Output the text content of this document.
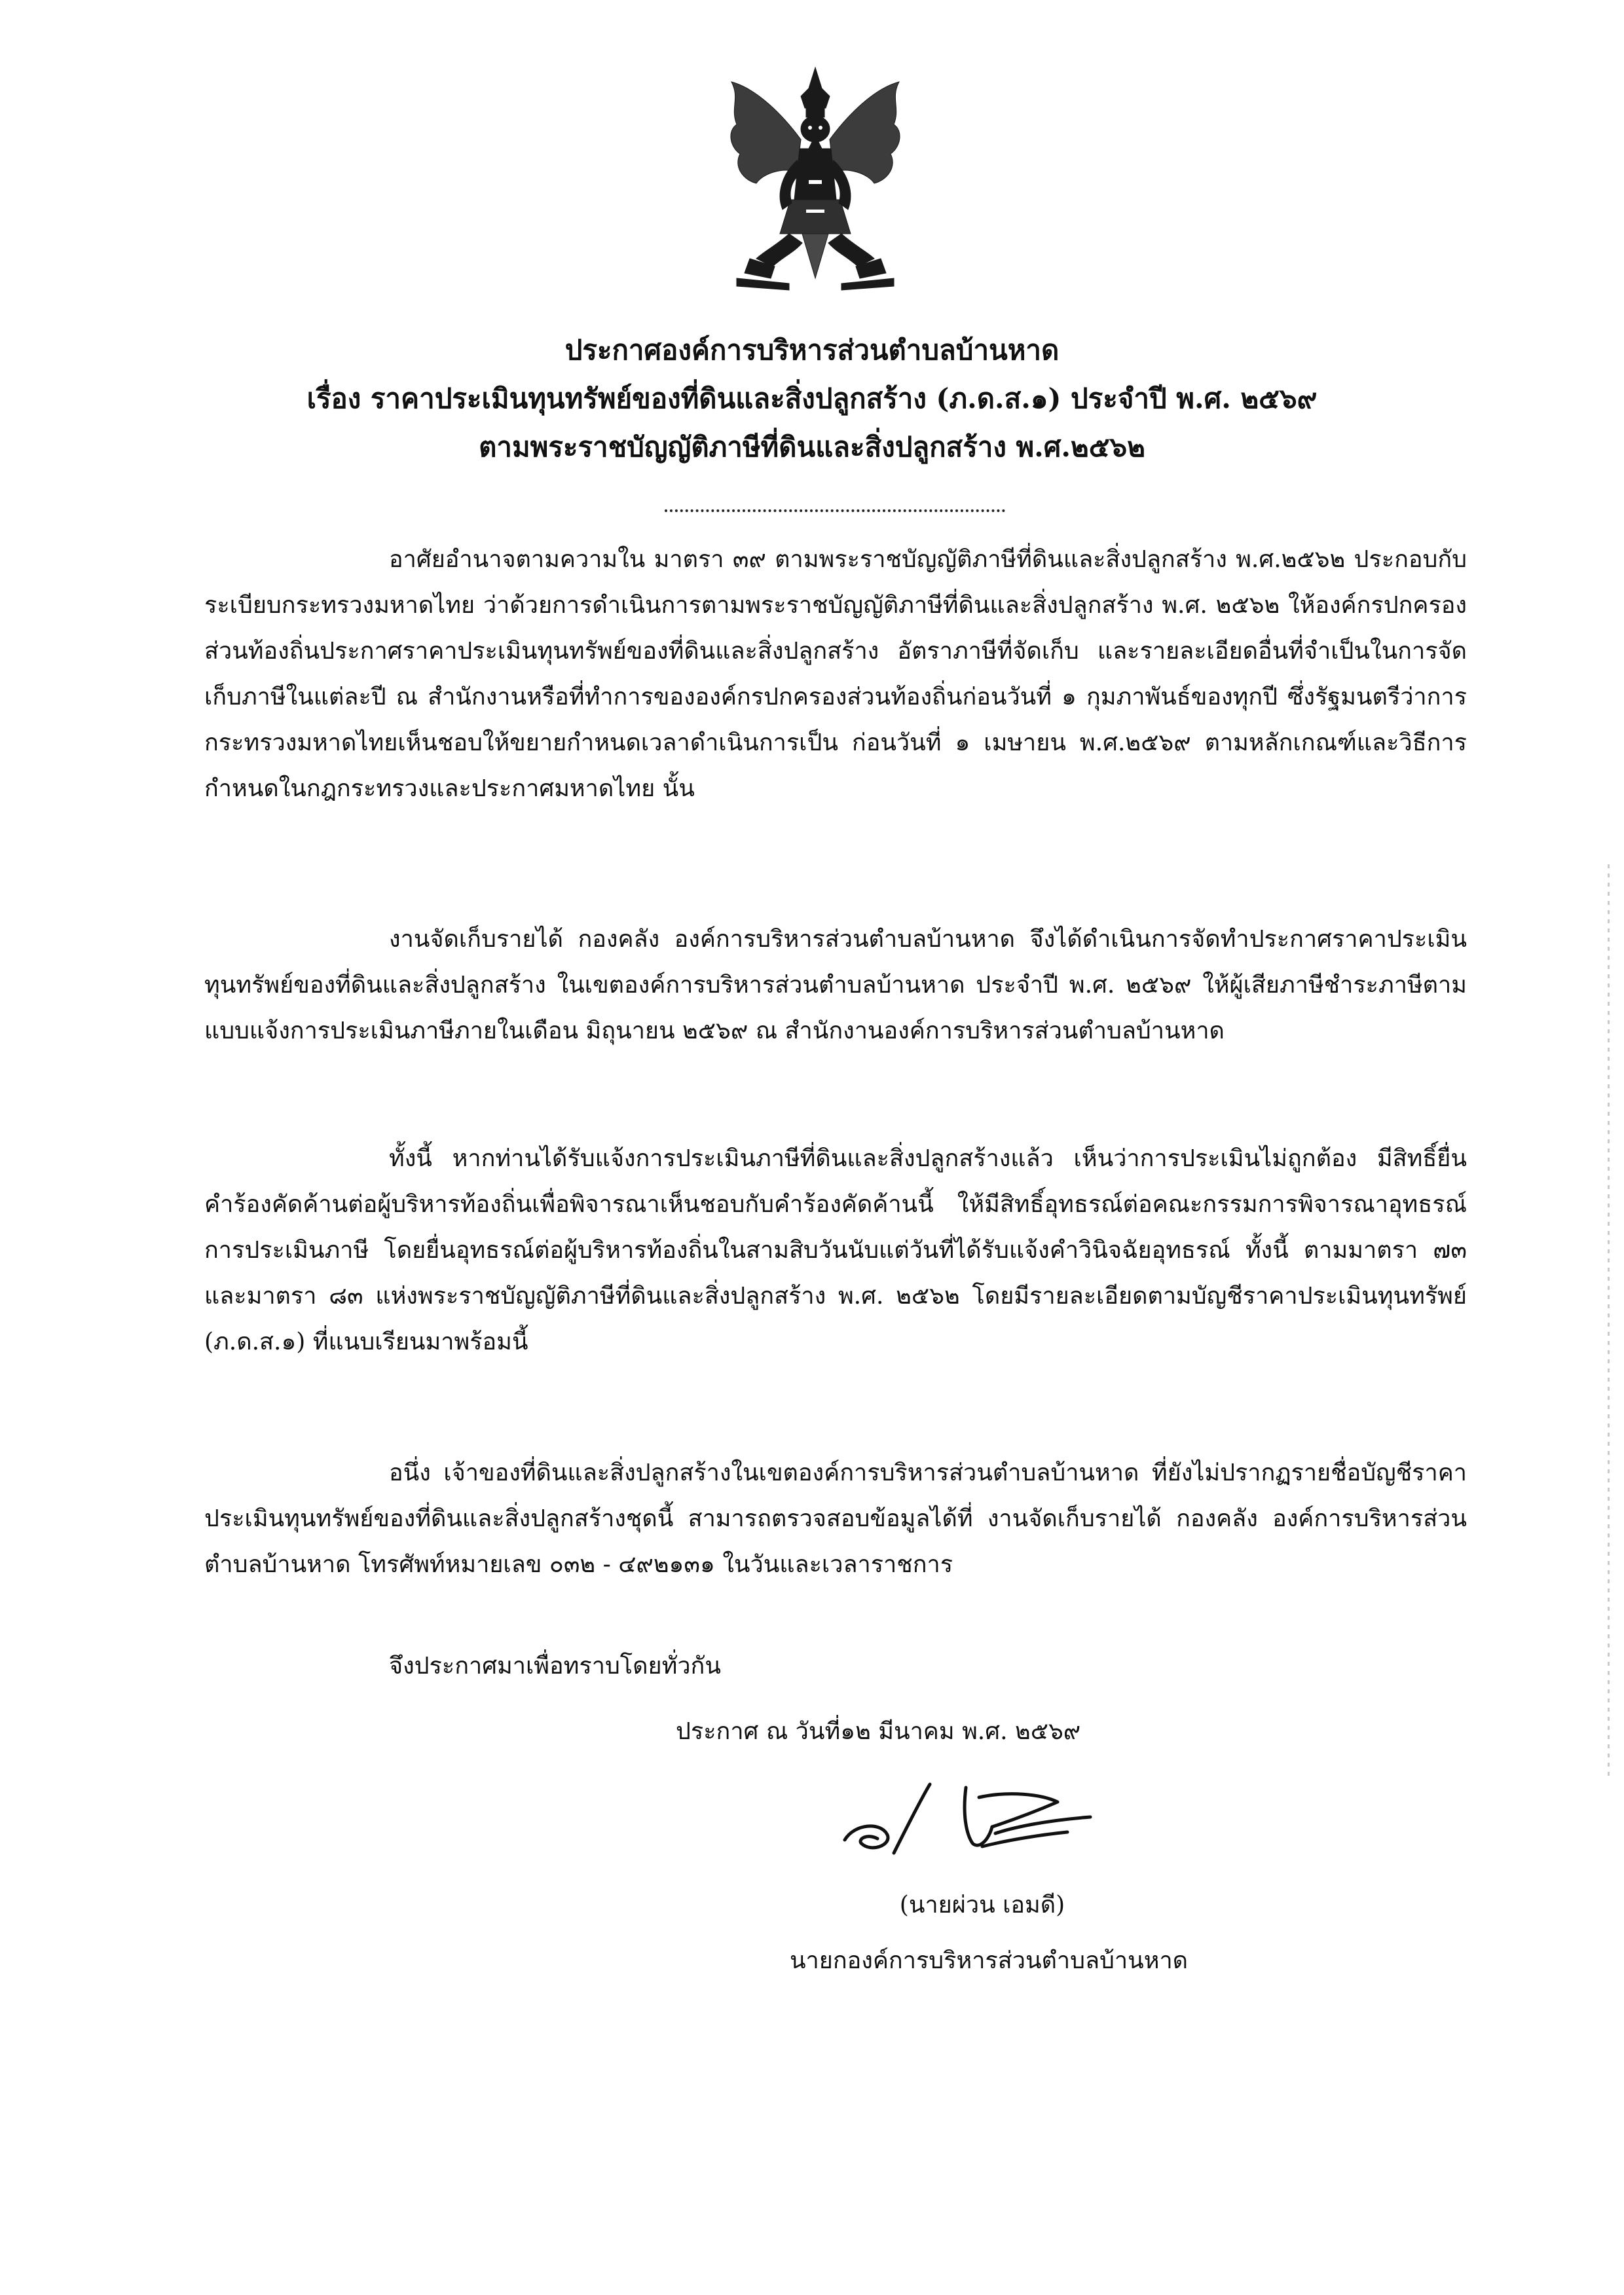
ประกาศองค์การบริหารส่วนตำบลบ้านหาด
เรื่อง ราคาประเมินทุนทรัพย์ของที่ดินและสิ่งปลูกสร้าง (ภ.ด.ส.๑) ประจำปี พ.ศ. ๒๕๖๙
ตามพระราชบัญญัติภาษีที่ดินและสิ่งปลูกสร้าง พ.ศ.๒๕๖๒

อาศัยอำนาจตามความใน มาตรา ๓๙ ตามพระราชบัญญัติภาษีที่ดินและสิ่งปลูกสร้าง พ.ศ.๒๕๖๒ ประกอบกับระเบียบกระทรวงมหาดไทย ว่าด้วยการดำเนินการตามพระราชบัญญัติภาษีที่ดินและสิ่งปลูกสร้าง พ.ศ. ๒๕๖๒ ให้องค์กรปกครองส่วนท้องถิ่นประกาศราคาประเมินทุนทรัพย์ของที่ดินและสิ่งปลูกสร้าง อัตราภาษีที่จัดเก็บ และรายละเอียดอื่นที่จำเป็นในการจัดเก็บภาษีในแต่ละปี ณ สำนักงานหรือที่ทำการขององค์กรปกครองส่วนท้องถิ่นก่อนวันที่ ๑ กุมภาพันธ์ของทุกปี ซึ่งรัฐมนตรีว่าการกระทรวงมหาดไทยเห็นชอบให้ขยายกำหนดเวลาดำเนินการเป็น ก่อนวันที่ ๑ เมษายน พ.ศ.๒๕๖๙ ตามหลักเกณฑ์และวิธีการกำหนดในกฎกระทรวงและประกาศมหาดไทย นั้น

งานจัดเก็บรายได้ กองคลัง องค์การบริหารส่วนตำบลบ้านหาด จึงได้ดำเนินการจัดทำประกาศราคาประเมินทุนทรัพย์ของที่ดินและสิ่งปลูกสร้าง ในเขตองค์การบริหารส่วนตำบลบ้านหาด ประจำปี พ.ศ. ๒๕๖๙ ให้ผู้เสียภาษีชำระภาษีตามแบบแจ้งการประเมินภาษีภายในเดือน มิถุนายน ๒๕๖๙ ณ สำนักงานองค์การบริหารส่วนตำบลบ้านหาด

ทั้งนี้ หากท่านได้รับแจ้งการประเมินภาษีที่ดินและสิ่งปลูกสร้างแล้ว เห็นว่าการประเมินไม่ถูกต้อง มีสิทธิ์ยื่นคำร้องคัดค้านต่อผู้บริหารท้องถิ่นเพื่อพิจารณาเห็นชอบกับคำร้องคัดค้านนี้ ให้มีสิทธิ์อุทธรณ์ต่อคณะกรรมการพิจารณาอุทธรณ์การประเมินภาษี โดยยื่นอุทธรณ์ต่อผู้บริหารท้องถิ่นในสามสิบวันนับแต่วันที่ได้รับแจ้งคำวินิจฉัยอุทธรณ์ ทั้งนี้ ตามมาตรา ๗๓ และมาตรา ๘๓ แห่งพระราชบัญญัติภาษีที่ดินและสิ่งปลูกสร้าง พ.ศ. ๒๕๖๒ โดยมีรายละเอียดตามบัญชีราคาประเมินทุนทรัพย์ (ภ.ด.ส.๑) ที่แนบเรียนมาพร้อมนี้

อนึ่ง เจ้าของที่ดินและสิ่งปลูกสร้างในเขตองค์การบริหารส่วนตำบลบ้านหาด ที่ยังไม่ปรากฏรายชื่อบัญชีราคาประเมินทุนทรัพย์ของที่ดินและสิ่งปลูกสร้างชุดนี้ สามารถตรวจสอบข้อมูลได้ที่ งานจัดเก็บรายได้ กองคลัง องค์การบริหารส่วนตำบลบ้านหาด โทรศัพท์หมายเลข ๐๓๒ - ๔๙๒๑๓๑ ในวันและเวลาราชการ

จึงประกาศมาเพื่อทราบโดยทั่วกัน
ประกาศ ณ วันที่๑๒ มีนาคม พ.ศ. ๒๕๖๙
(นายผ่วน เอมดี)
นายกองค์การบริหารส่วนตำบลบ้านหาด
